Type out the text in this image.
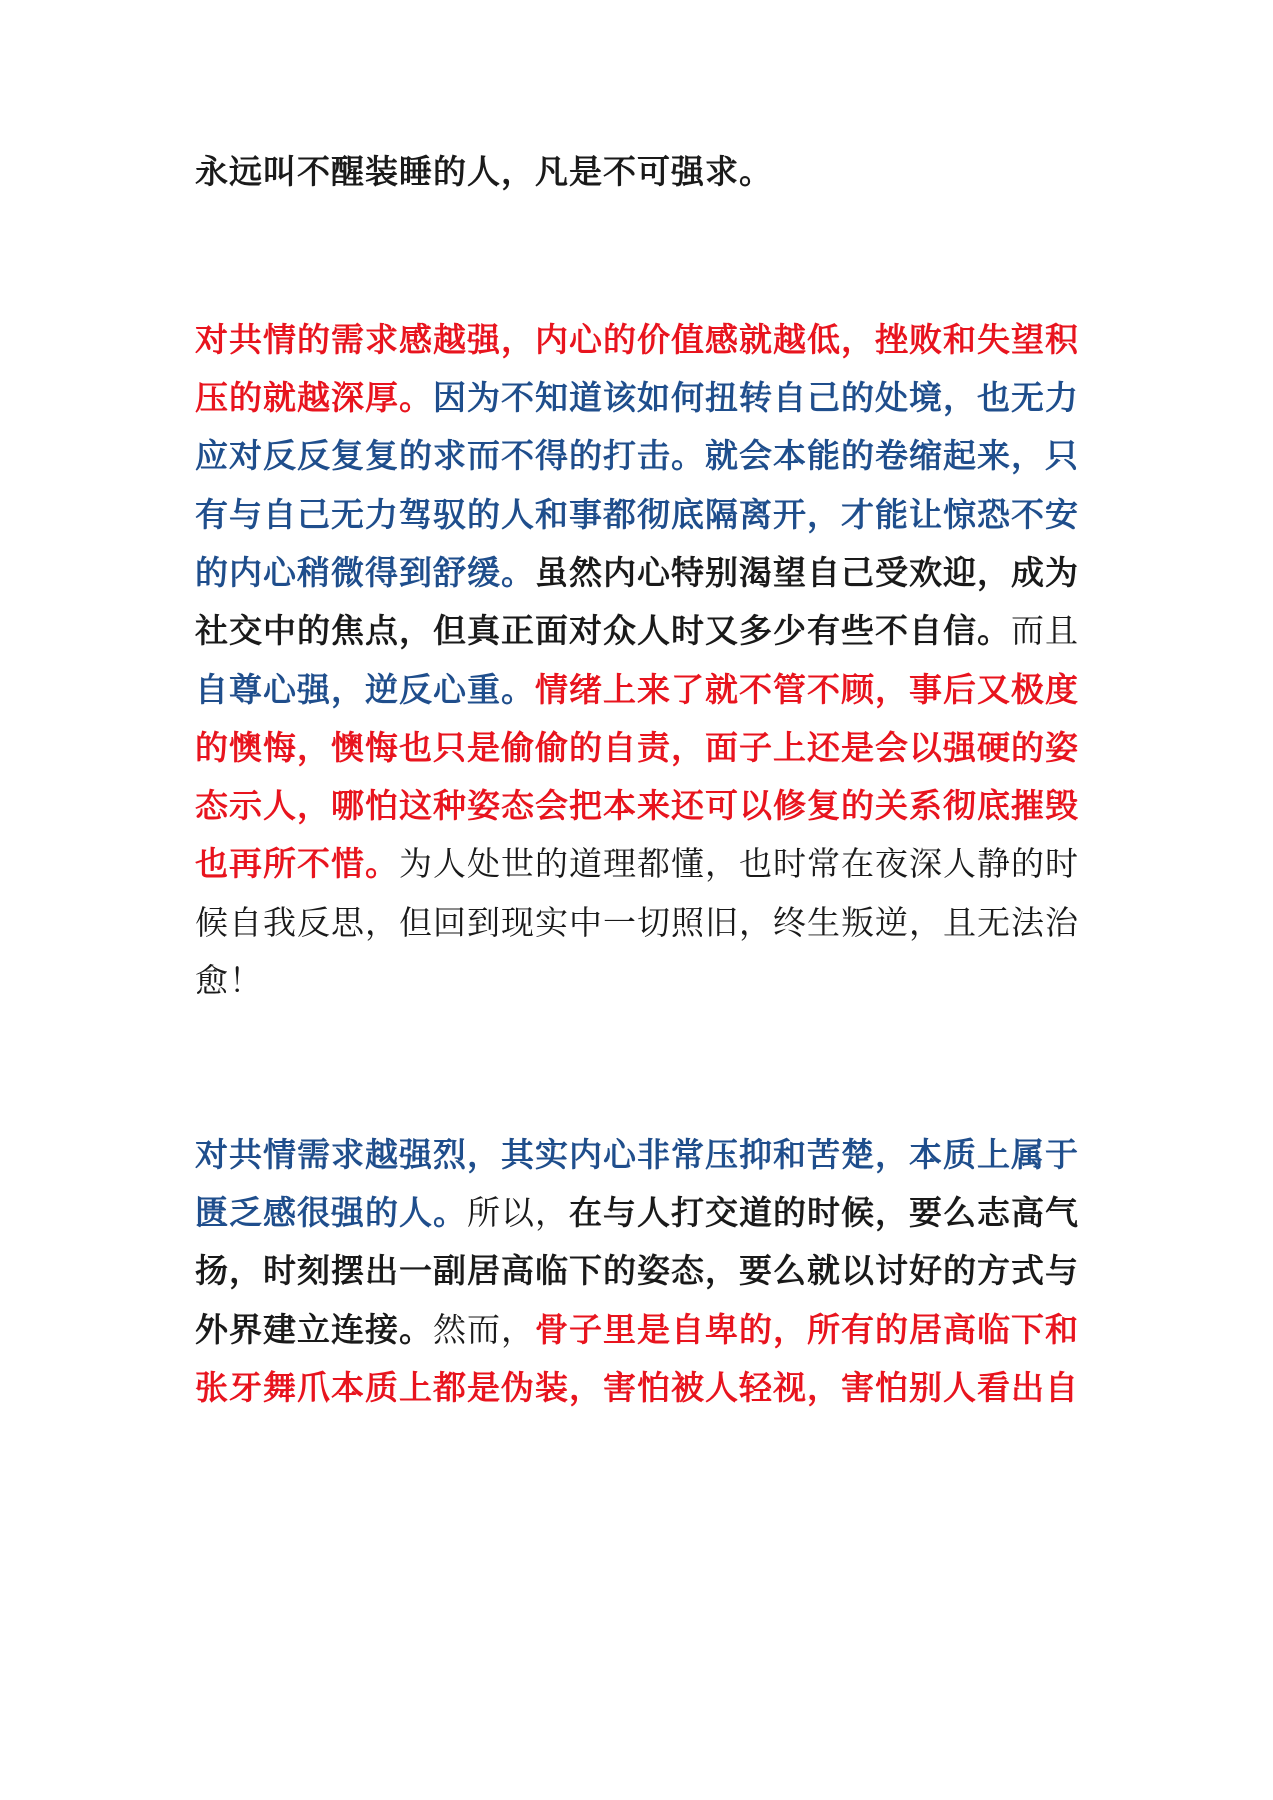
永远叫不醒装睡的人，凡是不可强求。
对共情的需求感越强，内心的价值感就越低，挫败和失望积
压的就越深厚。因为不知道该如何扭转自己的处境，也无力
应对反反复复的求而不得的打击。就会本能的卷缩起来，只
有与自己无力驾驭的人和事都彻底隔离开，才能让惊恐不安
的内心稍微得到舒缓。虽然内心特别渴望自己受欢迎，成为
社交中的焦点，但真正面对众人时又多少有些不自信。而且
自尊心强，逆反心重。情绪上来了就不管不顾，事后又极度
的懊悔，懊悔也只是偷偷的自责，面子上还是会以强硬的姿
态示人，哪怕这种姿态会把本来还可以修复的关系彻底摧毁
也再所不惜。为人处世的道理都懂，也时常在夜深人静的时
候自我反思，但回到现实中一切照旧，终生叛逆，且无法治
愈！
对共情需求越强烈，其实内心非常压抑和苦楚，本质上属于
匮乏感很强的人。所以，在与人打交道的时候，要么志高气
扬，时刻摆出一副居高临下的姿态，要么就以讨好的方式与
外界建立连接。然而，骨子里是自卑的，所有的居高临下和
张牙舞爪本质上都是伪装，害怕被人轻视，害怕别人看出自
